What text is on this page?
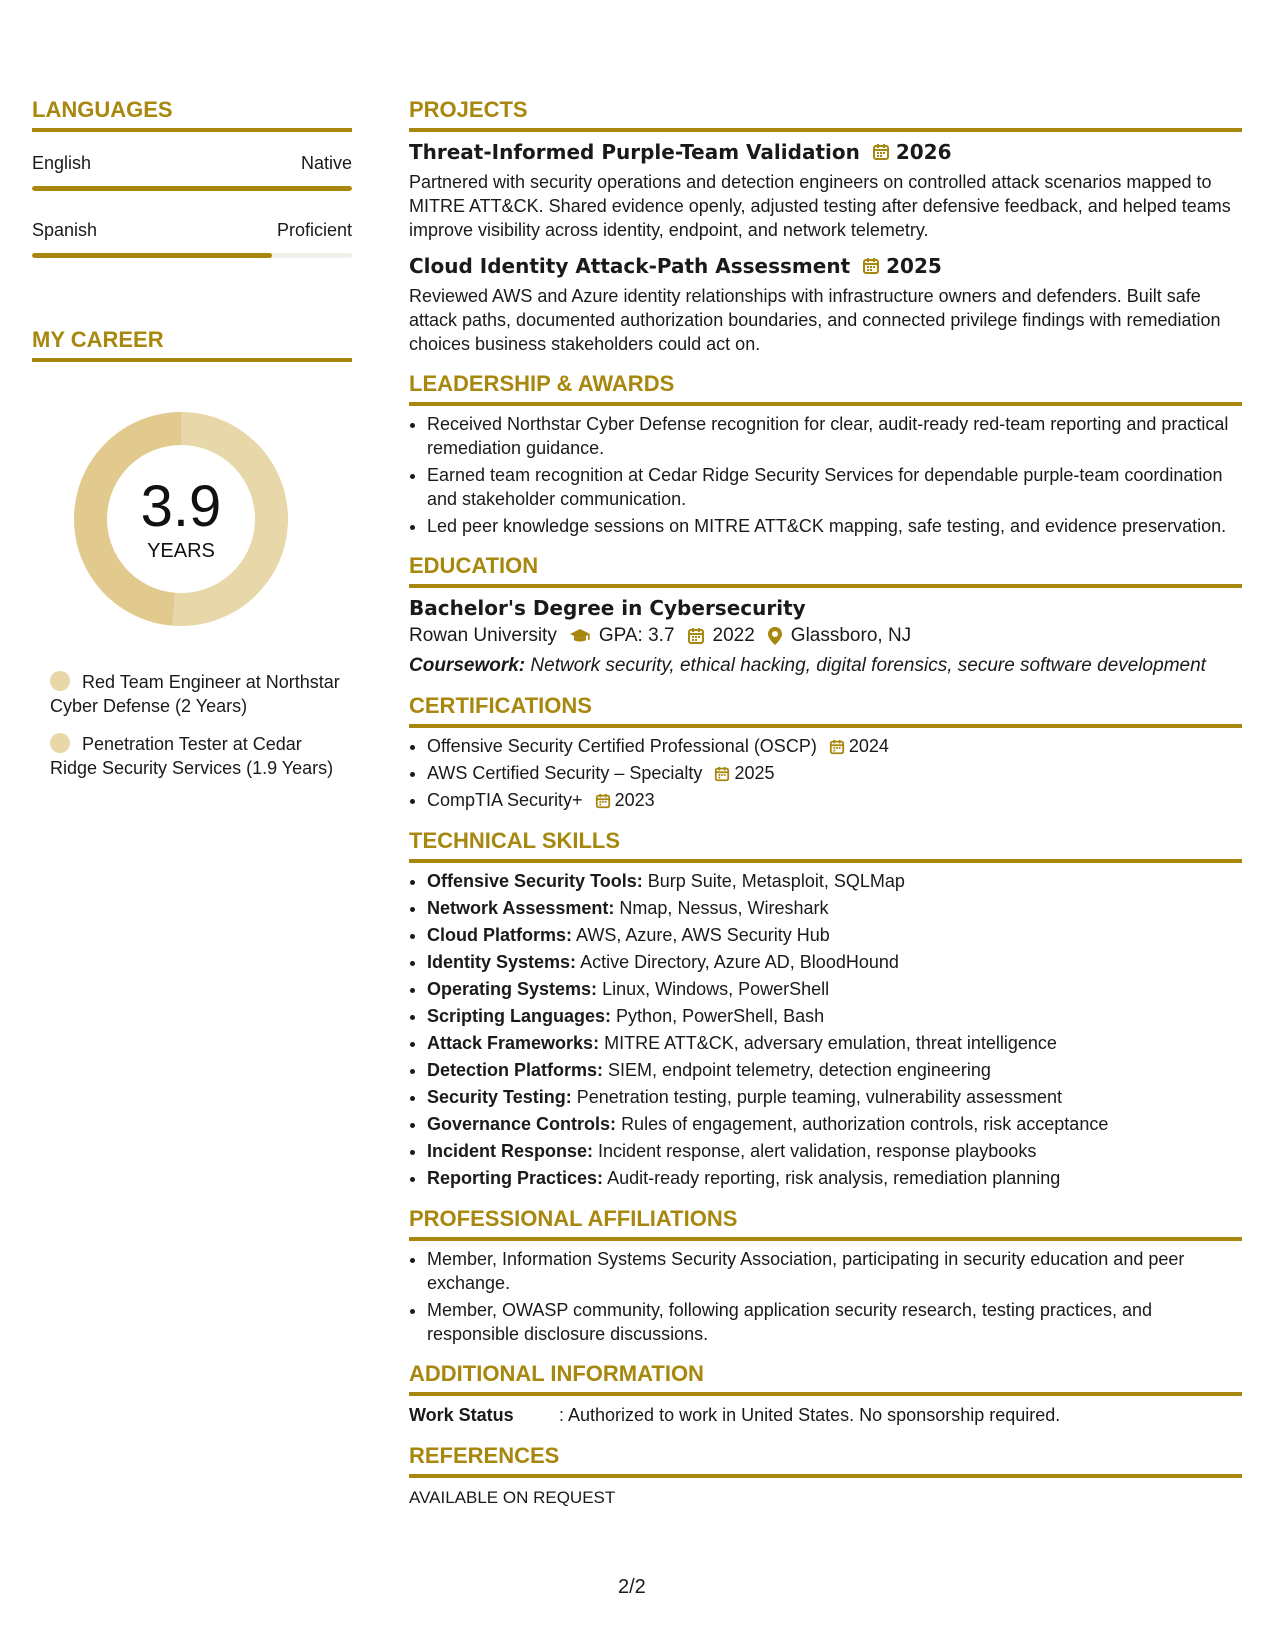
LANGUAGES
English	Native
Spanish	Proficient
MY CAREER
3.9
YEARS
Red Team Engineer at Northstar Cyber Defense (2 Years)
Penetration Tester at Cedar Ridge Security Services (1.9 Years)
PROJECTS
Threat-Informed Purple-Team Validation 2026

Partnered with security operations and detection engineers on controlled attack scenarios mapped to MITRE ATT&CK. Shared evidence openly, adjusted testing after defensive feedback, and helped teams improve visibility across identity, endpoint, and network telemetry.

Cloud Identity Attack-Path Assessment 2025

Reviewed AWS and Azure identity relationships with infrastructure owners and defenders. Built safe attack paths, documented authorization boundaries, and connected privilege findings with remediation choices business stakeholders could act on.

LEADERSHIP & AWARDS
• Received Northstar Cyber Defense recognition for clear, audit-ready red-team reporting and practical remediation guidance.
• Earned team recognition at Cedar Ridge Security Services for dependable purple-team coordination and stakeholder communication.
• Led peer knowledge sessions on MITRE ATT&CK mapping, safe testing, and evidence preservation.
EDUCATION
Bachelor's Degree in Cybersecurity
Rowan University GPA: 3.7 2022 Glassboro, NJ
Coursework: Network security, ethical hacking, digital forensics, secure software development
CERTIFICATIONS
• Offensive Security Certified Professional (OSCP) 2024
• AWS Certified Security – Specialty 2025
• CompTIA Security+ 2023
TECHNICAL SKILLS
• Offensive Security Tools: Burp Suite, Metasploit, SQLMap
• Network Assessment: Nmap, Nessus, Wireshark
• Cloud Platforms: AWS, Azure, AWS Security Hub
• Identity Systems: Active Directory, Azure AD, BloodHound
• Operating Systems: Linux, Windows, PowerShell
• Scripting Languages: Python, PowerShell, Bash
• Attack Frameworks: MITRE ATT&CK, adversary emulation, threat intelligence
• Detection Platforms: SIEM, endpoint telemetry, detection engineering
• Security Testing: Penetration testing, purple teaming, vulnerability assessment
• Governance Controls: Rules of engagement, authorization controls, risk acceptance
• Incident Response: Incident response, alert validation, response playbooks
• Reporting Practices: Audit-ready reporting, risk analysis, remediation planning
PROFESSIONAL AFFILIATIONS
• Member, Information Systems Security Association, participating in security education and peer exchange.
• Member, OWASP community, following application security research, testing practices, and responsible disclosure discussions.
ADDITIONAL INFORMATION
Work Status	: Authorized to work in United States. No sponsorship required.
REFERENCES
AVAILABLE ON REQUEST
2/2
